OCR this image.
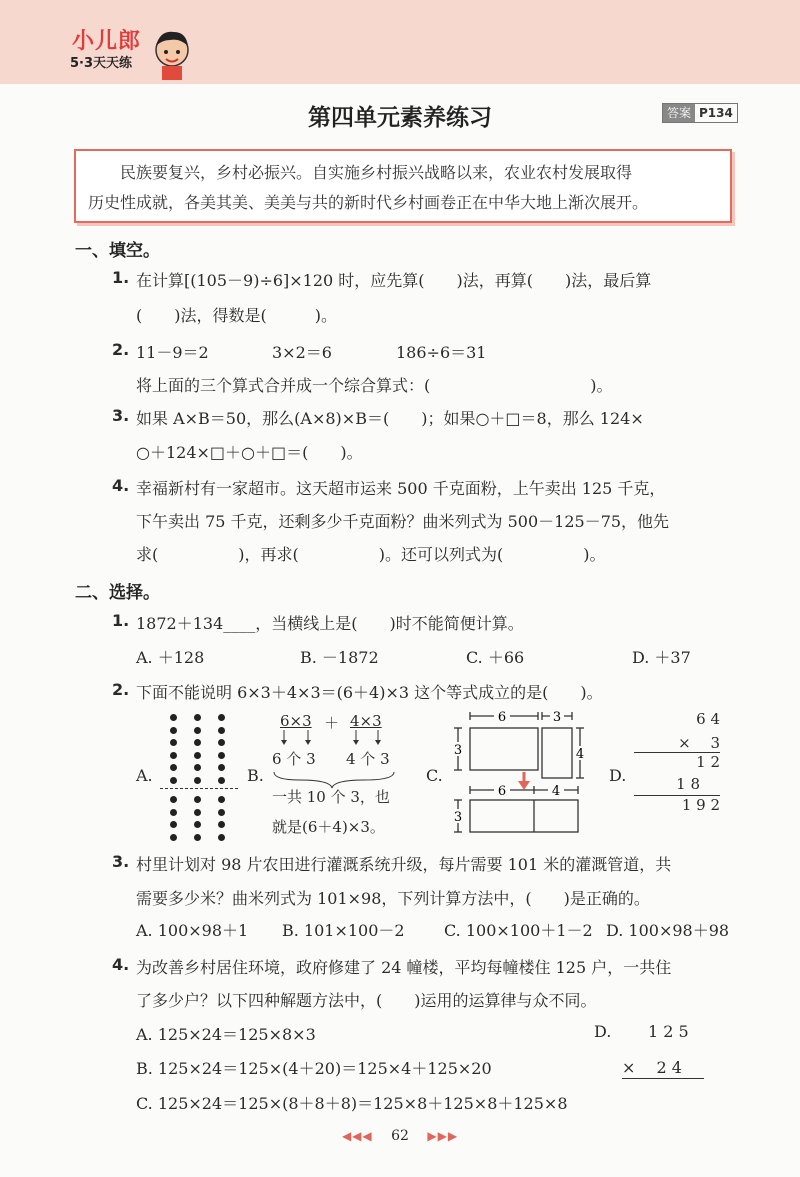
小儿郎
5·3天天练
第四单元素养练习	答案 P134
民族要复兴，乡村必振兴。自实施乡村振兴战略以来，农业农村发展取得
历史性成就，各美其美、美美与共的新时代乡村画卷正在中华大地上渐次展开。
一、填空。
1. 在计算[(105－9)÷6]×120 时，应先算(　　)法，再算(　　)法，最后算
(　　)法，得数是(　　　)。
2. 11－9＝2	3×2＝6	186÷6＝31
将上面的三个算式合并成一个综合算式：(　　　　　　　　　　)。
3. 如果 A×B＝50，那么(A×8)×B＝(　　)；如果○＋□＝8，那么 124×
○＋124×□＋○＋□＝(　　)。
4. 幸福新村有一家超市。这天超市运来 500 千克面粉，上午卖出 125 千克，
下午卖出 75 千克，还剩多少千克面粉？曲米列式为 500－125－75，他先
求(　　　　　)，再求(　　　　　)。还可以列式为(　　　　　)。
二、选择。
1. 1872＋134____，当横线上是(　　)时不能简便计算。
A. ＋128	B. －1872	C. ＋66	D. ＋37
2. 下面不能说明 6×3＋4×3＝(6＋4)×3 这个等式成立的是(　　)。
A.	B.
6×3 ＋ 4×3
6 个 3 4 个 3
一共 10 个 3，也
就是(6＋4)×3。
C.
6	3
3	4
6	4
3
D.
6 4
× 　3
1 2
1 8
1 9 2
3. 村里计划对 98 片农田进行灌溉系统升级，每片需要 101 米的灌溉管道，共
需要多少米？曲米列式为 101×98，下列计算方法中，(　　)是正确的。
A. 100×98＋1 B. 101×100－2 C. 100×100＋1－2 D. 100×98＋98
4. 为改善乡村居住环境，政府修建了 24 幢楼，平均每幢楼住 125 户，一共住
了多少户？以下四种解题方法中，(　　)运用的运算律与众不同。
A. 125×24＝125×8×3
B. 125×24＝125×(4＋20)＝125×4＋125×20
C. 125×24＝125×(8＋8＋8)＝125×8＋125×8＋125×8
D. 1 2 5
× 　2 4
◀◀◀ 62 ▶▶▶
